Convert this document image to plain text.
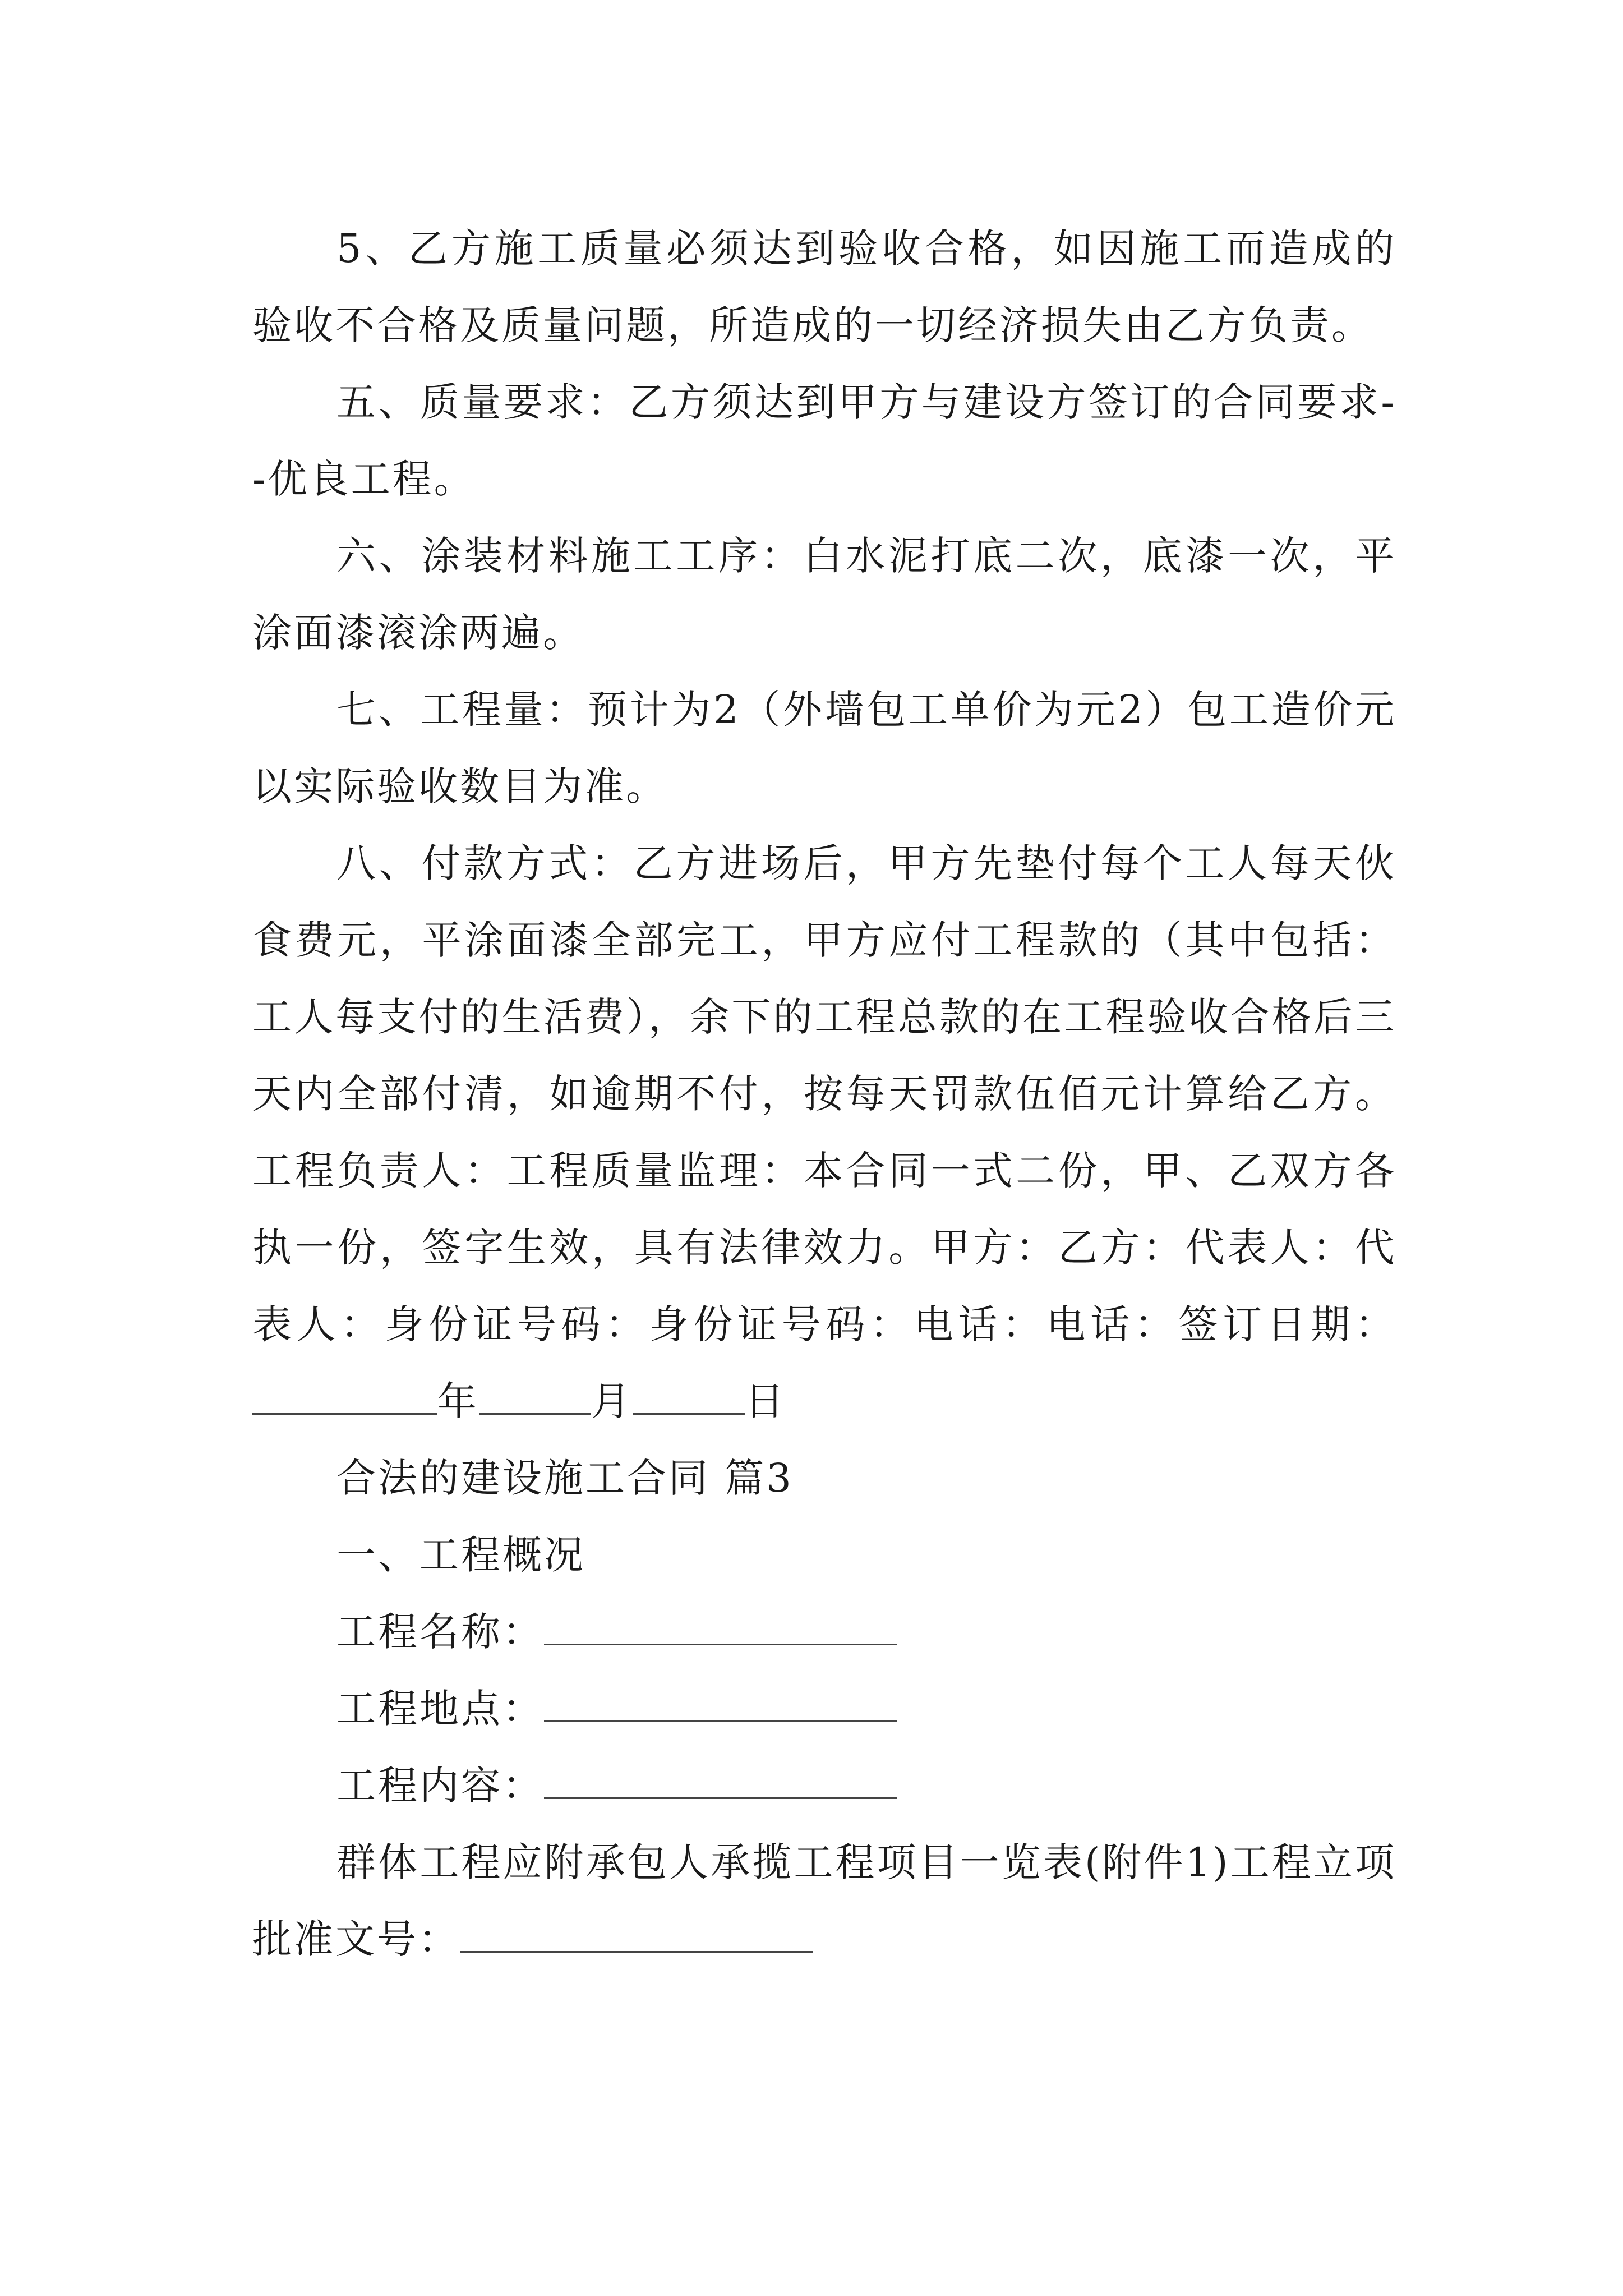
5、乙方施工质量必须达到验收合格，如因施工而造成的验收不合格及质量问题，所造成的一切经济损失由乙方负责。

五、质量要求：乙方须达到甲方与建设方签订的合同要求--优良工程。

六、涂装材料施工工序：白水泥打底二次，底漆一次，平涂面漆滚涂两遍。

七、工程量：预计为2（外墙包工单价为元2）包工造价元以实际验收数目为准。

八、付款方式：乙方进场后，甲方先垫付每个工人每天伙食费元，平涂面漆全部完工，甲方应付工程款的（其中包括：工人每支付的生活费），余下的工程总款的在工程验收合格后三天内全部付清，如逾期不付，按每天罚款伍佰元计算给乙方。工程负责人：工程质量监理：本合同一式二份，甲、乙双方各执一份，签字生效，具有法律效力。甲方：乙方：代表人：代表人：身份证号码：身份证号码：电话：电话：签订日期：年	月	日

合法的建设施工合同 篇3

一、工程概况

工程名称：

工程地点：

工程内容：

群体工程应附承包人承揽工程项目一览表(附件1)工程立项批准文号：
